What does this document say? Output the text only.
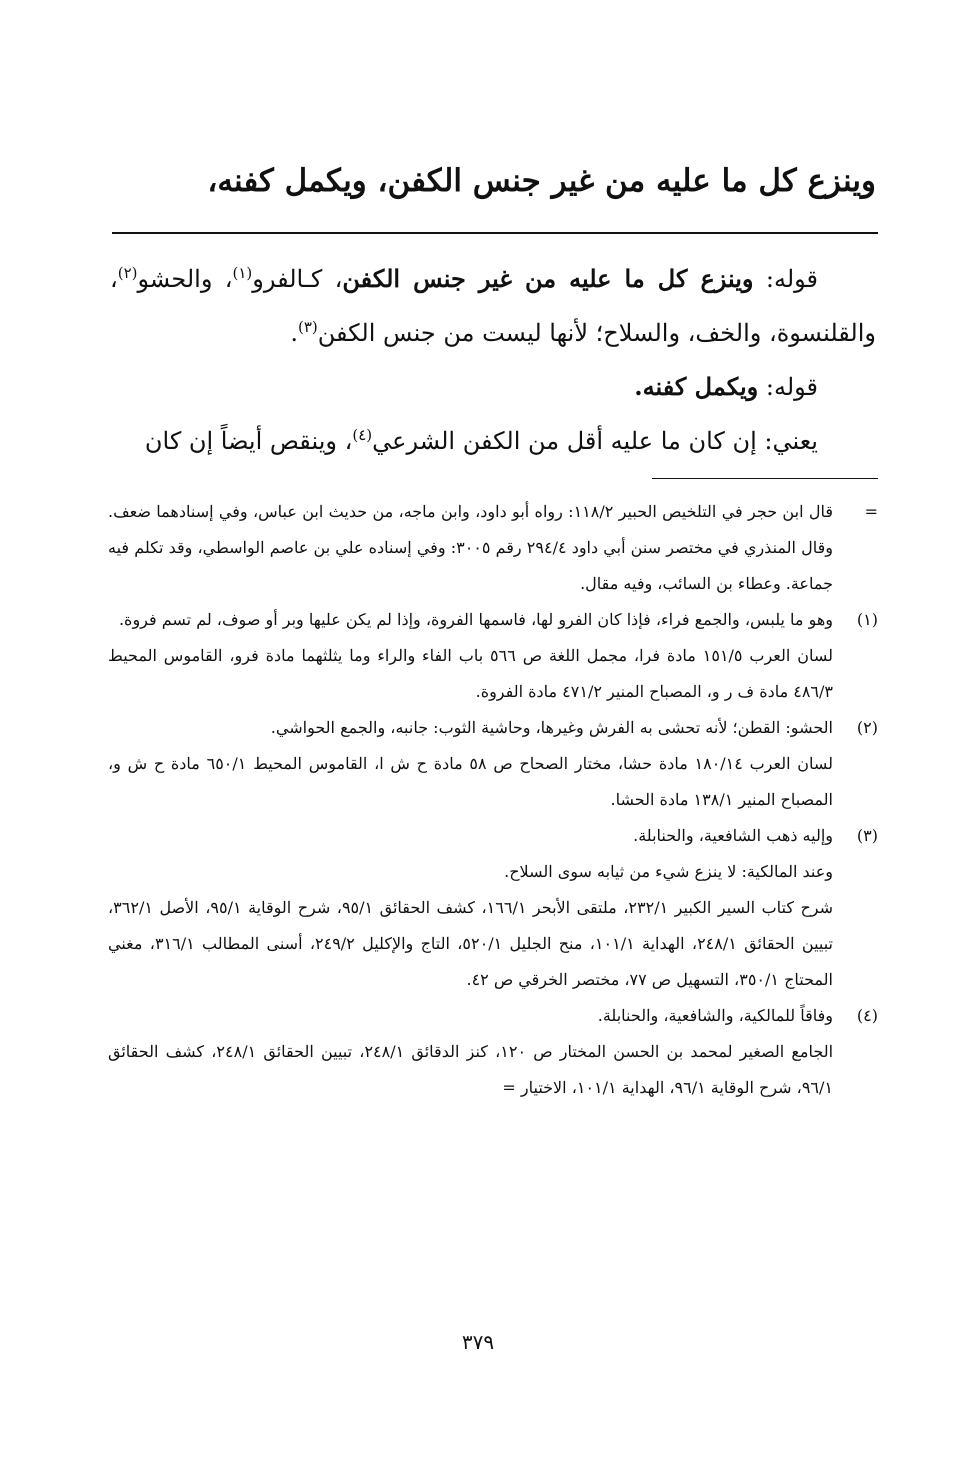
وينزع كل ما عليه من غير جنس الكفن، ويكمل كفنه،

قوله: وينزع كل ما عليه من غير جنس الكفن، كـالفرو$^{(١)}$، والحشو$^{(٢)}$، والقلنسوة، والخف، والسلاح؛ لأنها ليست من جنس الكفن$^{(٣)}$.

قوله: ويكمل كفنه.

يعني: إن كان ما عليه أقل من الكفن الشرعي$^{(٤)}$، وينقص أيضاً إن كان

=

قال ابن حجر في التلخيص الحبير ١١٨/٢: رواه أبو داود، وابن ماجه، من حديث ابن عباس، وفي إسنادهما ضعف. وقال المنذري في مختصر سنن أبي داود ٢٩٤/٤ رقم ٣٠٠٥: وفي إسناده علي بن عاصم الواسطي، وقد تكلم فيه جماعة. وعطاء بن السائب، وفيه مقال.

(١)

وهو ما يلبس، والجمع فراء، فإذا كان الفرو لها، فاسمها الفروة، وإذا لم يكن عليها وبر أو صوف، لم تسم فروة.

لسان العرب ١٥١/٥ مادة فرا، مجمل اللغة ص ٥٦٦ باب الفاء والراء وما يثلثهما مادة فرو، القاموس المحيط ٤٨٦/٣ مادة ف ر و، المصباح المنير ٤٧١/٢ مادة الفروة.

(٢)

الحشو: القطن؛ لأنه تحشى به الفرش وغيرها، وحاشية الثوب: جانبه، والجمع الحواشي.

لسان العرب ١٨٠/١٤ مادة حشا، مختار الصحاح ص ٥٨ مادة ح ش ا، القاموس المحيط ٦٥٠/١ مادة ح ش و، المصباح المنير ١٣٨/١ مادة الحشا.

(٣)

وإليه ذهب الشافعية، والحنابلة.

وعند المالكية: لا ينزع شيء من ثيابه سوى السلاح.

شرح كتاب السير الكبير ٢٣٢/١، ملتقى الأبحر ١٦٦/١، كشف الحقائق ٩٥/١، شرح الوقاية ٩٥/١، الأصل ٣٦٢/١، تبيين الحقائق ٢٤٨/١، الهداية ١٠١/١، منح الجليل ٥٢٠/١، التاج والإكليل ٢٤٩/٢، أسنى المطالب ٣١٦/١، مغني المحتاج ٣٥٠/١، التسهيل ص ٧٧، مختصر الخرقي ص ٤٢.

(٤)

وفاقاً للمالكية، والشافعية، والحنابلة.

الجامع الصغير لمحمد بن الحسن المختار ص ١٢٠، كنز الدقائق ٢٤٨/١، تبيين الحقائق ٢٤٨/١، كشف الحقائق ٩٦/١، شرح الوقاية ٩٦/١، الهداية ١٠١/١، الاختيار =

٣٧٩
